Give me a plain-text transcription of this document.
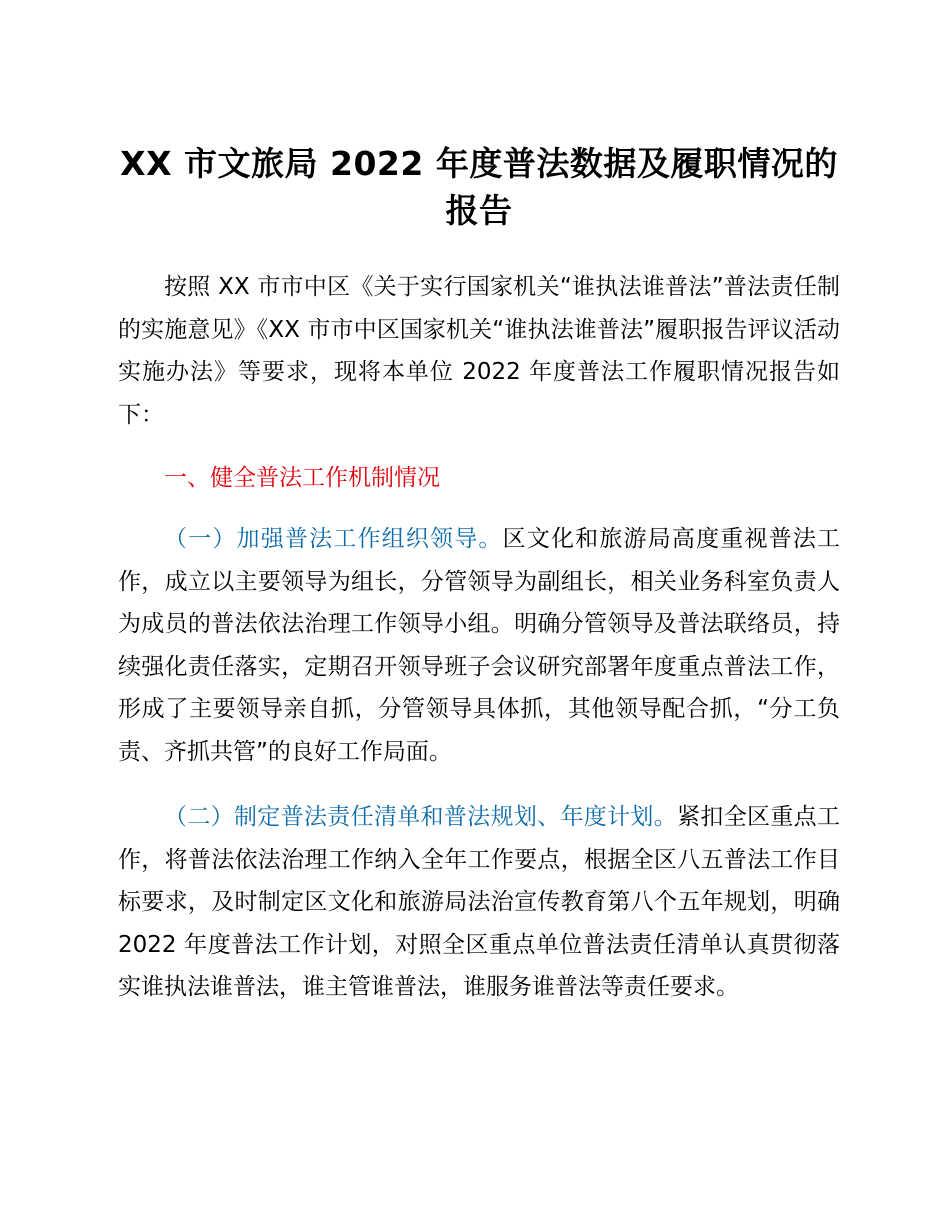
XX 市文旅局 2022 年度普法数据及履职情况的报告

按照 XX 市市中区《关于实行国家机关“谁执法谁普法”普法责任制的实施意见》《XX 市市中区国家机关“谁执法谁普法”履职报告评议活动实施办法》等要求，现将本单位 2022 年度普法工作履职情况报告如下：

一、健全普法工作机制情况

（一）加强普法工作组织领导。区文化和旅游局高度重视普法工作，成立以主要领导为组长，分管领导为副组长，相关业务科室负责人为成员的普法依法治理工作领导小组。明确分管领导及普法联络员，持续强化责任落实，定期召开领导班子会议研究部署年度重点普法工作，形成了主要领导亲自抓，分管领导具体抓，其他领导配合抓，“分工负责、齐抓共管”的良好工作局面。

（二）制定普法责任清单和普法规划、年度计划。紧扣全区重点工作，将普法依法治理工作纳入全年工作要点，根据全区八五普法工作目标要求，及时制定区文化和旅游局法治宣传教育第八个五年规划，明确 2022 年度普法工作计划，对照全区重点单位普法责任清单认真贯彻落实谁执法谁普法，谁主管谁普法，谁服务谁普法等责任要求。
